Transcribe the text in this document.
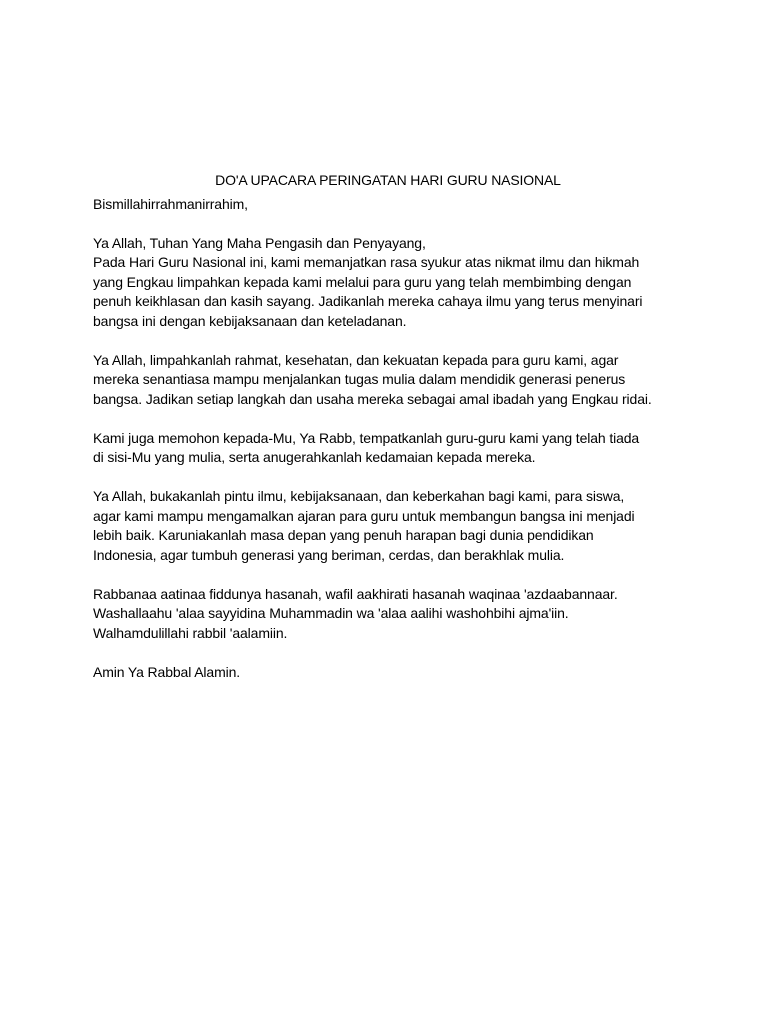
DO'A UPACARA PERINGATAN HARI GURU NASIONAL
Bismillahirrahmanirrahim,
Ya Allah, Tuhan Yang Maha Pengasih dan Penyayang,
Pada Hari Guru Nasional ini, kami memanjatkan rasa syukur atas nikmat ilmu dan hikmah
yang Engkau limpahkan kepada kami melalui para guru yang telah membimbing dengan
penuh keikhlasan dan kasih sayang. Jadikanlah mereka cahaya ilmu yang terus menyinari
bangsa ini dengan kebijaksanaan dan keteladanan.
Ya Allah, limpahkanlah rahmat, kesehatan, dan kekuatan kepada para guru kami, agar
mereka senantiasa mampu menjalankan tugas mulia dalam mendidik generasi penerus
bangsa. Jadikan setiap langkah dan usaha mereka sebagai amal ibadah yang Engkau ridai.
Kami juga memohon kepada-Mu, Ya Rabb, tempatkanlah guru-guru kami yang telah tiada
di sisi-Mu yang mulia, serta anugerahkanlah kedamaian kepada mereka.
Ya Allah, bukakanlah pintu ilmu, kebijaksanaan, dan keberkahan bagi kami, para siswa,
agar kami mampu mengamalkan ajaran para guru untuk membangun bangsa ini menjadi
lebih baik. Karuniakanlah masa depan yang penuh harapan bagi dunia pendidikan
Indonesia, agar tumbuh generasi yang beriman, cerdas, dan berakhlak mulia.
Rabbanaa aatinaa fiddunya hasanah, wafil aakhirati hasanah waqinaa 'azdaabannaar.
Washallaahu 'alaa sayyidina Muhammadin wa 'alaa aalihi washohbihi ajma'iin.
Walhamdulillahi rabbil 'aalamiin.
Amin Ya Rabbal Alamin.
